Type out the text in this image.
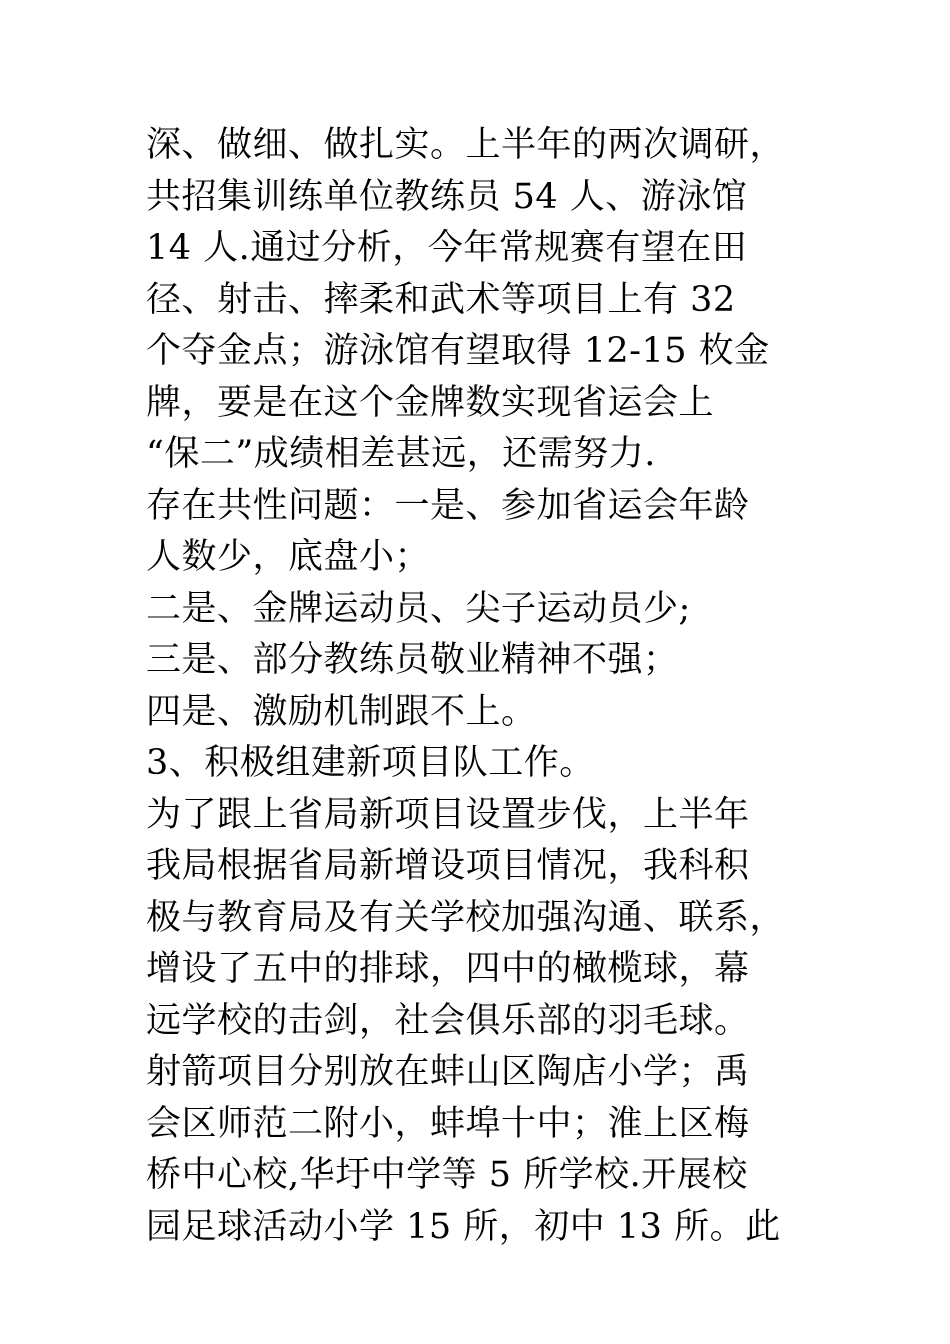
深、做细、做扎实。上半年的两次调研，
共招集训练单位教练员 54 人、游泳馆
14 人.通过分析，今年常规赛有望在田
径、射击、摔柔和武术等项目上有 32
个夺金点；游泳馆有望取得 12-15 枚金
牌，要是在这个金牌数实现省运会上
“保二”成绩相差甚远，还需努力.
存在共性问题：一是、参加省运会年龄
人数少，底盘小；
二是、金牌运动员、尖子运动员少;
三是、部分教练员敬业精神不强；
四是、激励机制跟不上。
3、积极组建新项目队工作。
为了跟上省局新项目设置步伐，上半年
我局根据省局新增设项目情况，我科积
极与教育局及有关学校加强沟通、联系，
增设了五中的排球，四中的橄榄球，幕
远学校的击剑，社会俱乐部的羽毛球。
射箭项目分别放在蚌山区陶店小学；禹
会区师范二附小，蚌埠十中；淮上区梅
桥中心校,华圩中学等 5 所学校.开展校
园足球活动小学 15 所，初中 13 所。此
